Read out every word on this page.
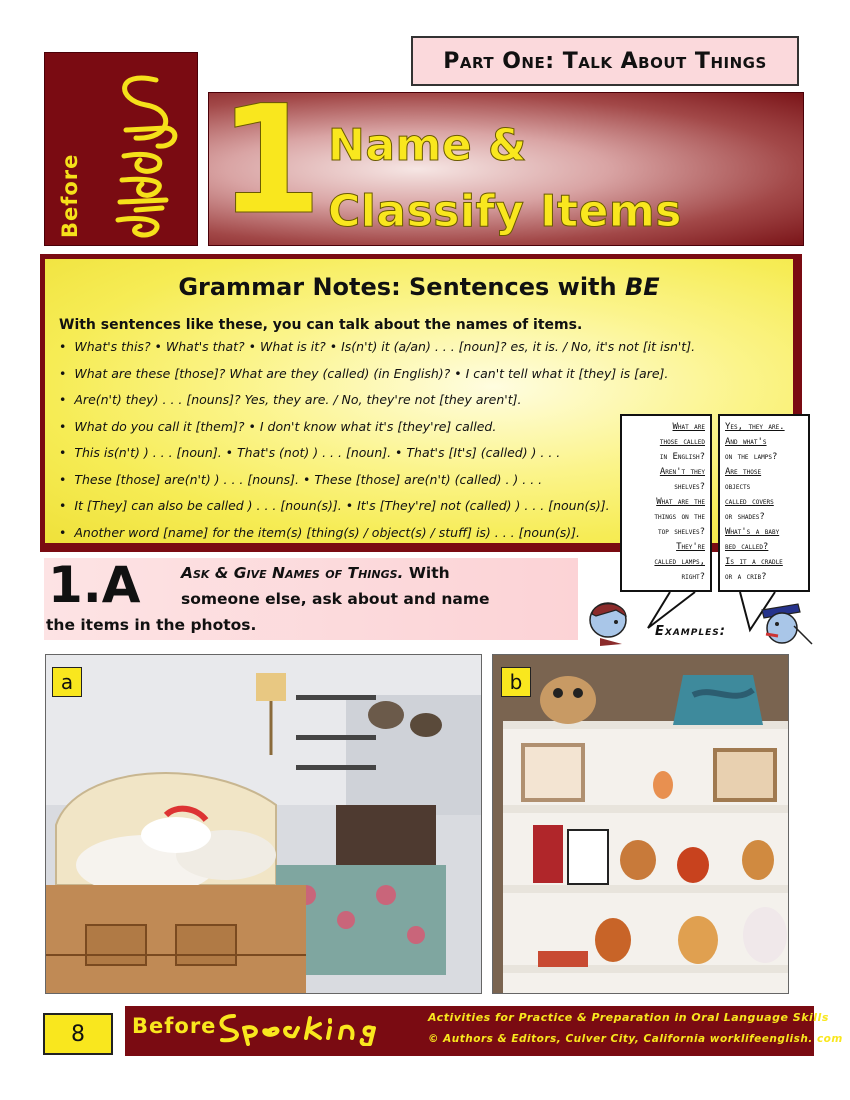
Part One: Talk About Things
Before 1 Name &
Classify Items
Grammar Notes: Sentences with BE
With sentences like these, you can talk about the names of items.
• What's this? • What's that? • What is it? • Is(n't) it (a/an) . . . [noun]? es, it is. / No, it's not [it isn't].
• What are these [those]? What are they (called) (in English)? • I can't tell what it [they] is [are].
• Are(n't) they) . . . [nouns]? Yes, they are. / No, they're not [they aren't].
• What do you call it [them]? • I don't know what it's [they're] called.
• This is(n't) ) . . . [noun]. • That's (not) ) . . . [noun]. • That's [It's] (called) ) . . .
• These [those] are(n't) ) . . . [nouns]. • These [those] are(n't) (called) . ) . . .
• It [They] can also be called ) . . . [noun(s)]. • It's [They're] not (called) ) . . . [noun(s)].
• Another word [name] for the item(s) [thing(s) / object(s) / stuff] is) . . . [noun(s)].
1.A	Ask & Give Names of Things. With
someone else, ask about and name
the items in the photos.
What are
those called
in English?
Aren't they
shelves?
What are the
things on the
top shelves?
They're
called lamps,
right?
Yes, they are.
And what's
on the lamps?
Are those
objects
called covers
or shades?
What's a baby
bed called?
Is it a cradle
or a crib?
Examples:
a	b
8	Before	Activities for Practice & Preparation in Oral Language Skills
© Authors & Editors, Culver City, California worklifeenglish. com
